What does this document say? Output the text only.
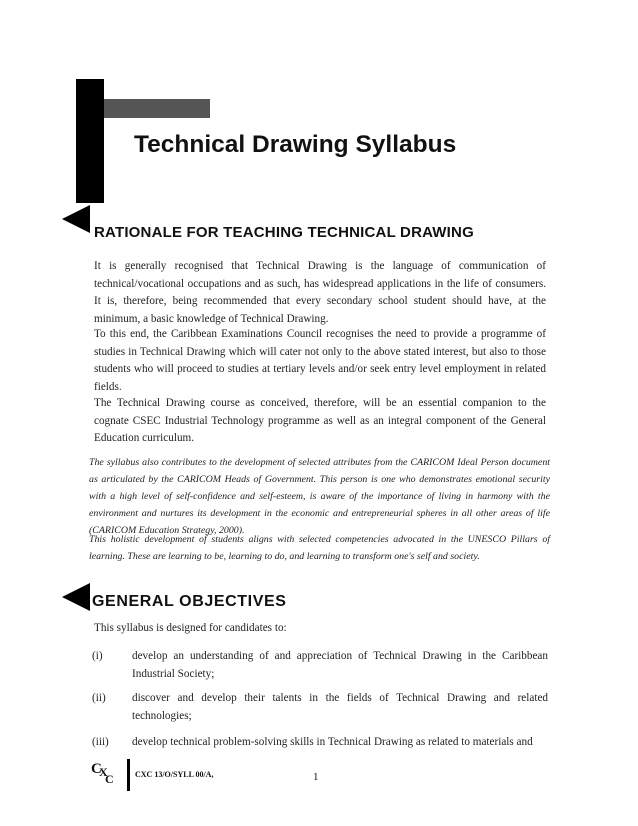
Technical Drawing Syllabus
RATIONALE FOR TEACHING TECHNICAL DRAWING

It is generally recognised that Technical Drawing is the language of communication of technical/vocational occupations and as such, has widespread applications in the life of consumers. It is, therefore, being recommended that every secondary school student should have, at the minimum, a basic knowledge of Technical Drawing.

To this end, the Caribbean Examinations Council recognises the need to provide a programme of studies in Technical Drawing which will cater not only to the above stated interest, but also to those students who will proceed to studies at tertiary levels and/or seek entry level employment in related fields.

The Technical Drawing course as conceived, therefore, will be an essential companion to the cognate CSEC Industrial Technology programme as well as an integral component of the General Education curriculum.

The syllabus also contributes to the development of selected attributes from the CARICOM Ideal Person document as articulated by the CARICOM Heads of Government. This person is one who demonstrates emotional security with a high level of self-confidence and self-esteem, is aware of the importance of living in harmony with the environment and nurtures its development in the economic and entrepreneurial spheres in all other areas of life (CARICOM Education Strategy, 2000).

This holistic development of students aligns with selected competencies advocated in the UNESCO Pillars of learning. These are learning to be, learning to do, and learning to transform one's self and society.

GENERAL OBJECTIVES

This syllabus is designed for candidates to:

(i)	develop an understanding of and appreciation of Technical Drawing in the Caribbean Industrial Society;
(ii)	discover and develop their talents in the fields of Technical Drawing and related technologies;
(iii)	develop technical problem-solving skills in Technical Drawing as related to materials and
C
X
C	CXC 13/O/SYLL 00/A,	1
